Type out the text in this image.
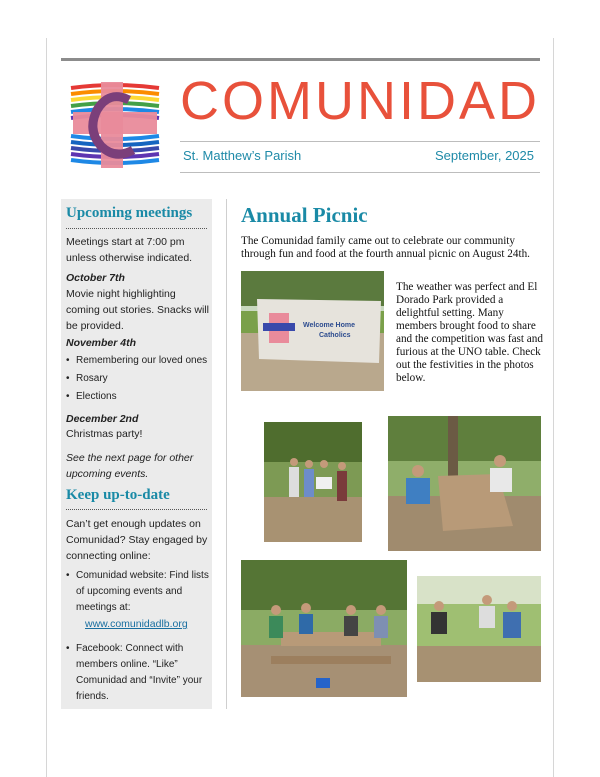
COMUNIDAD
St. Matthew’s Parish	September, 2025
Upcoming meetings
Meetings start at 7:00 pm unless otherwise indicated.
October 7th
Movie night highlighting coming out stories. Snacks will be provided.
November 4th
• Remembering our loved ones
• Rosary
• Elections
December 2nd
Christmas party!
See the next page for other upcoming events.
Keep up-to-date
Can’t get enough updates on Comunidad? Stay engaged by connecting online:
• Comunidad website: Find lists of upcoming events and meetings at:
www.comunidadlb.org
• Facebook: Connect with members online. “Like” Comunidad and “Invite” your friends.
Annual Picnic
The Comunidad family came out to celebrate our community through fun and food at the fourth annual picnic on August 24th.
The weather was perfect and El Dorado Park provided a delightful setting. Many members brought food to share and the competition was fast and furious at the UNO table. Check out the festivities in the photos below.
Welcome Home
Catholics
